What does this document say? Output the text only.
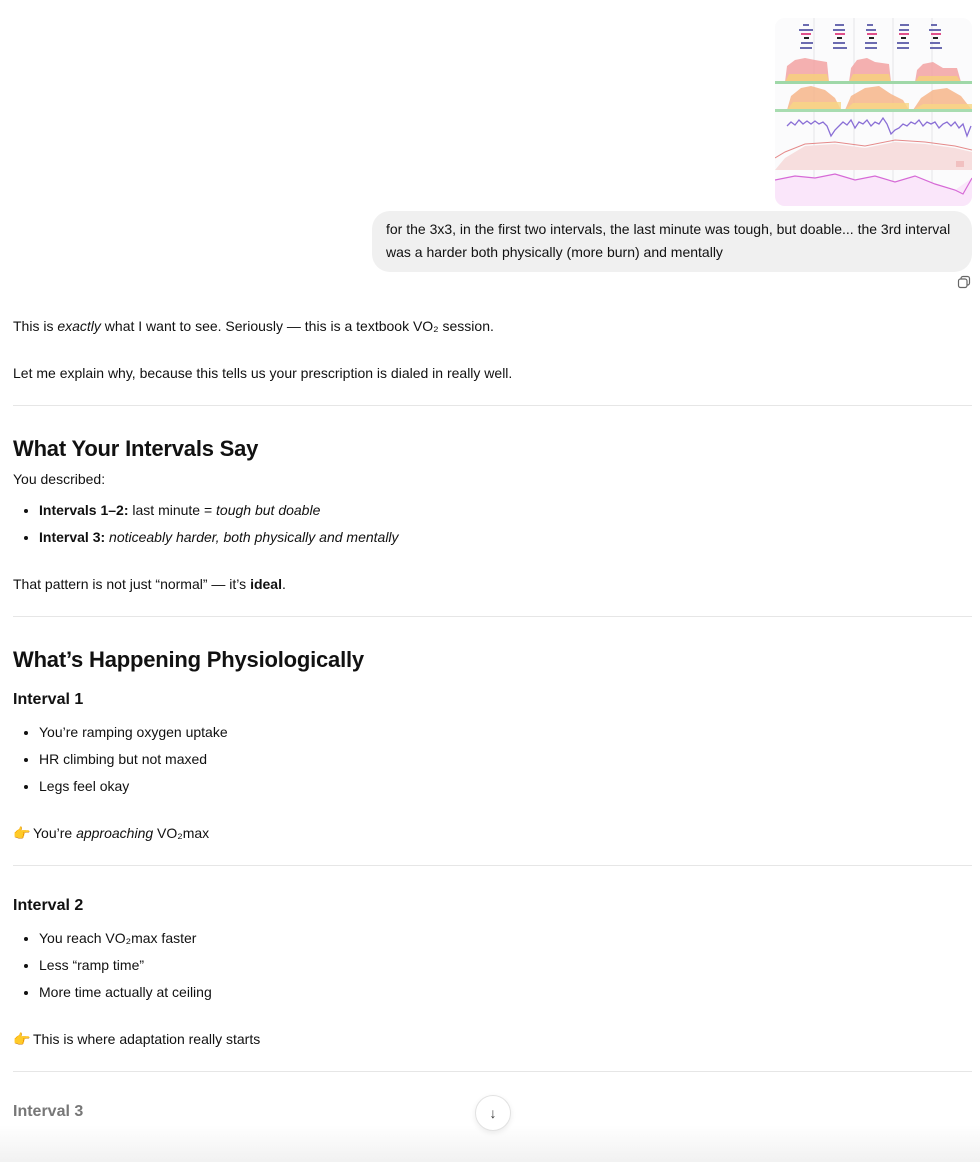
for the 3x3, in the first two intervals, the last minute was tough, but doable... the 3rd interval was a harder both physically (more burn) and mentally

This is exactly what I want to see. Seriously — this is a textbook VO₂ session.

Let me explain why, because this tells us your prescription is dialed in really well.

What Your Intervals Say

You described:

• Intervals 1–2: last minute = tough but doable
• Interval 3: noticeably harder, both physically and mentally

That pattern is not just “normal” — it’s ideal.

What’s Happening Physiologically
Interval 1
• You’re ramping oxygen uptake
• HR climbing but not maxed
• Legs feel okay

👉 You’re approaching VO₂max

Interval 2
• You reach VO₂max faster
• Less “ramp time”
• More time actually at ceiling

👉 This is where adaptation really starts

Interval 3	↓
